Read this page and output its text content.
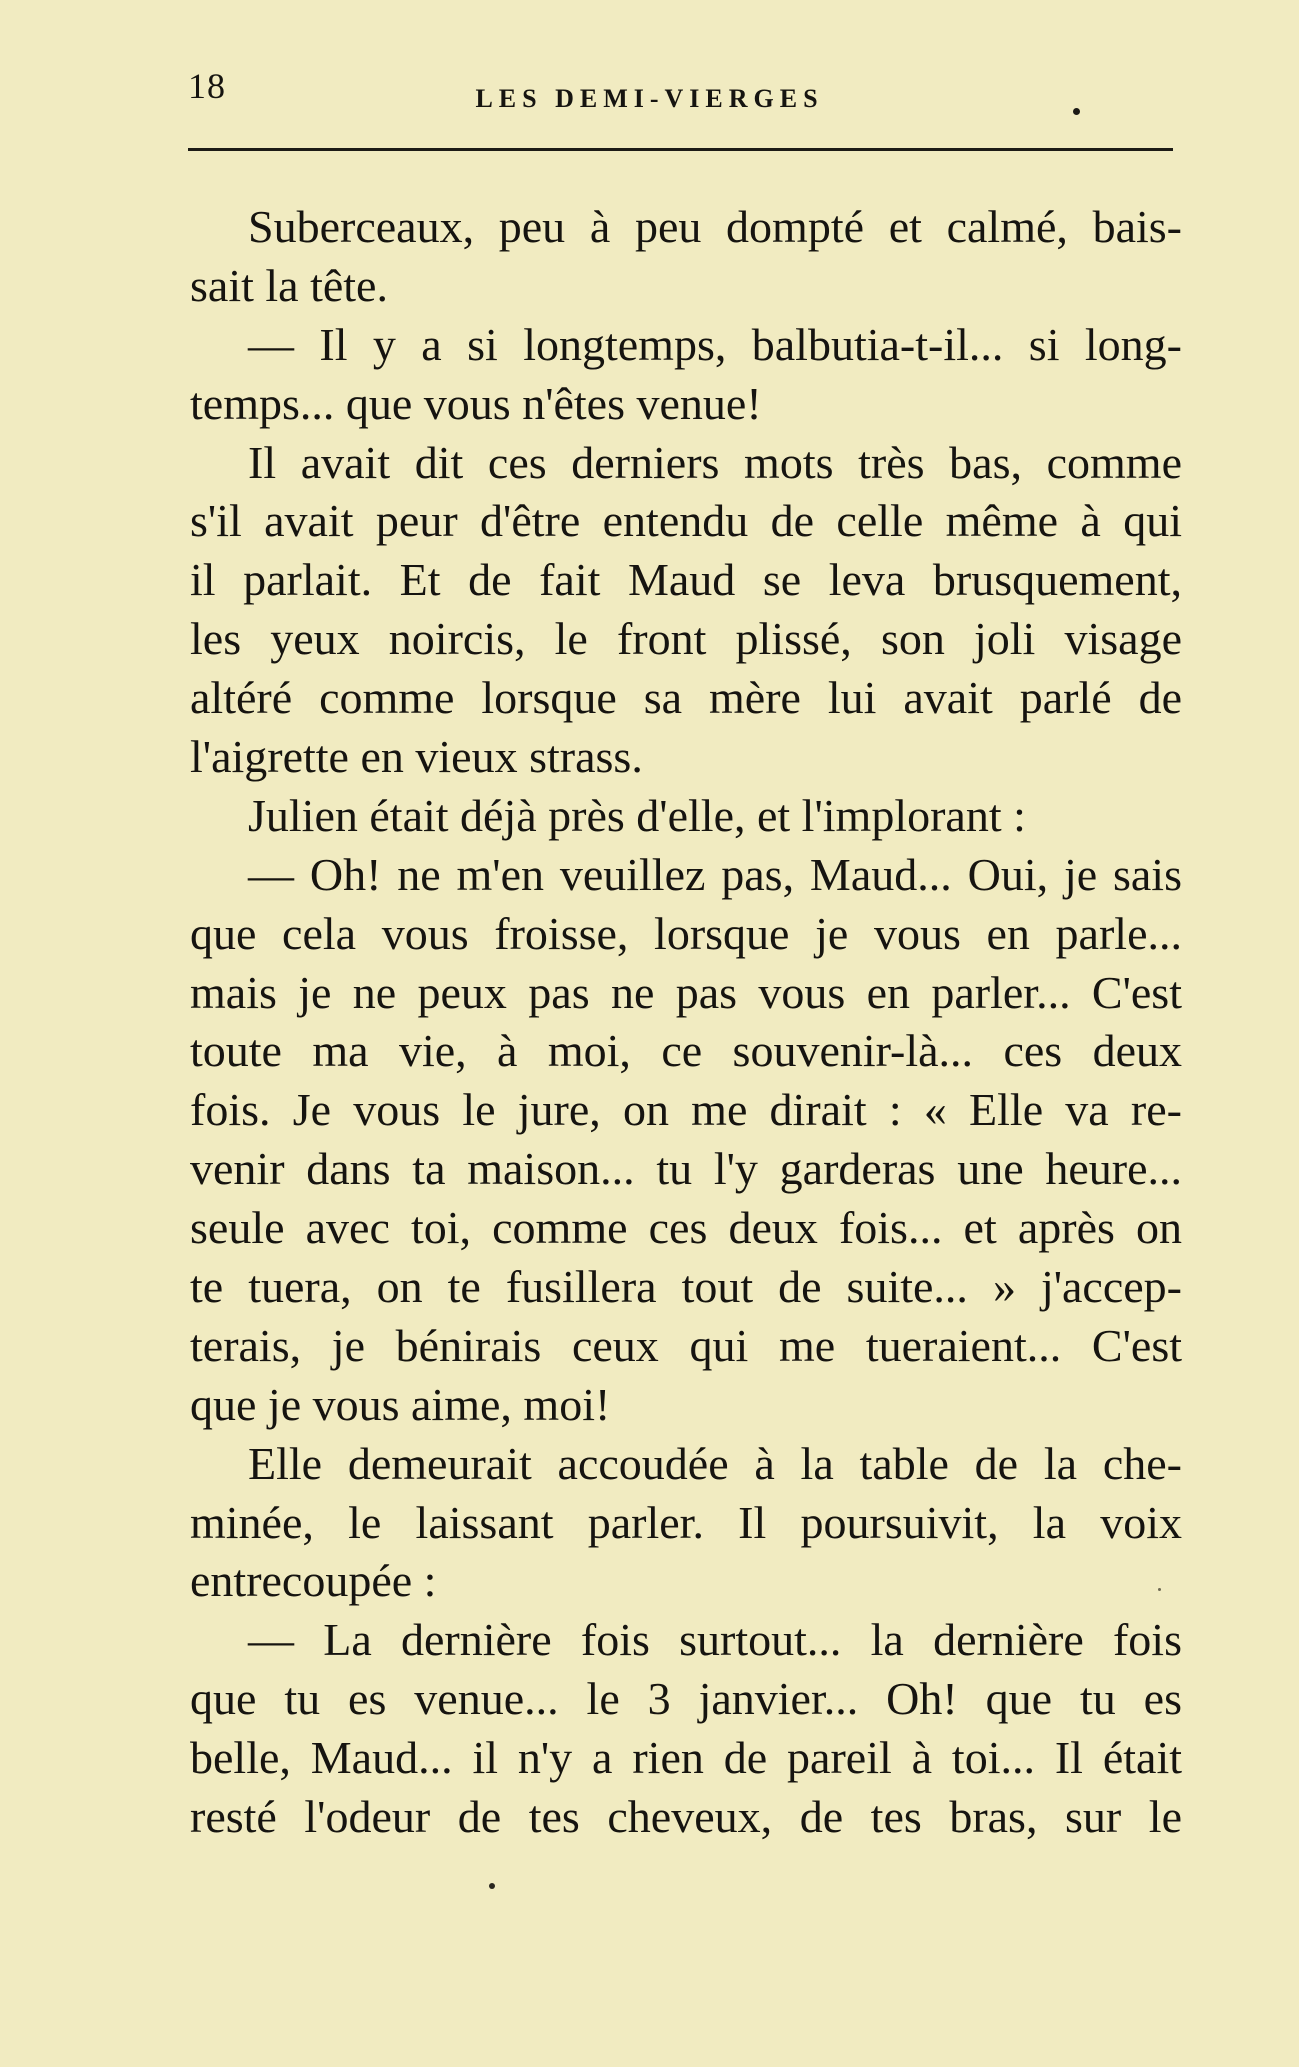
18	LES DEMI-VIERGES
Suberceaux, peu à peu dompté et calmé, bais-
sait la tête.
— Il y a si longtemps, balbutia-t-il... si long-
temps... que vous n'êtes venue!
Il avait dit ces derniers mots très bas, comme
s'il avait peur d'être entendu de celle même à qui
il parlait. Et de fait Maud se leva brusquement,
les yeux noircis, le front plissé, son joli visage
altéré comme lorsque sa mère lui avait parlé de
l'aigrette en vieux strass.
Julien était déjà près d'elle, et l'implorant :
— Oh! ne m'en veuillez pas, Maud... Oui, je sais
que cela vous froisse, lorsque je vous en parle...
mais je ne peux pas ne pas vous en parler... C'est
toute ma vie, à moi, ce souvenir-là... ces deux
fois. Je vous le jure, on me dirait : « Elle va re-
venir dans ta maison... tu l'y garderas une heure...
seule avec toi, comme ces deux fois... et après on
te tuera, on te fusillera tout de suite... » j'accep-
terais, je bénirais ceux qui me tueraient... C'est
que je vous aime, moi!
Elle demeurait accoudée à la table de la che-
minée, le laissant parler. Il poursuivit, la voix
entrecoupée :
— La dernière fois surtout... la dernière fois
que tu es venue... le 3 janvier... Oh! que tu es
belle, Maud... il n'y a rien de pareil à toi... Il était
resté l'odeur de tes cheveux, de tes bras, sur le
